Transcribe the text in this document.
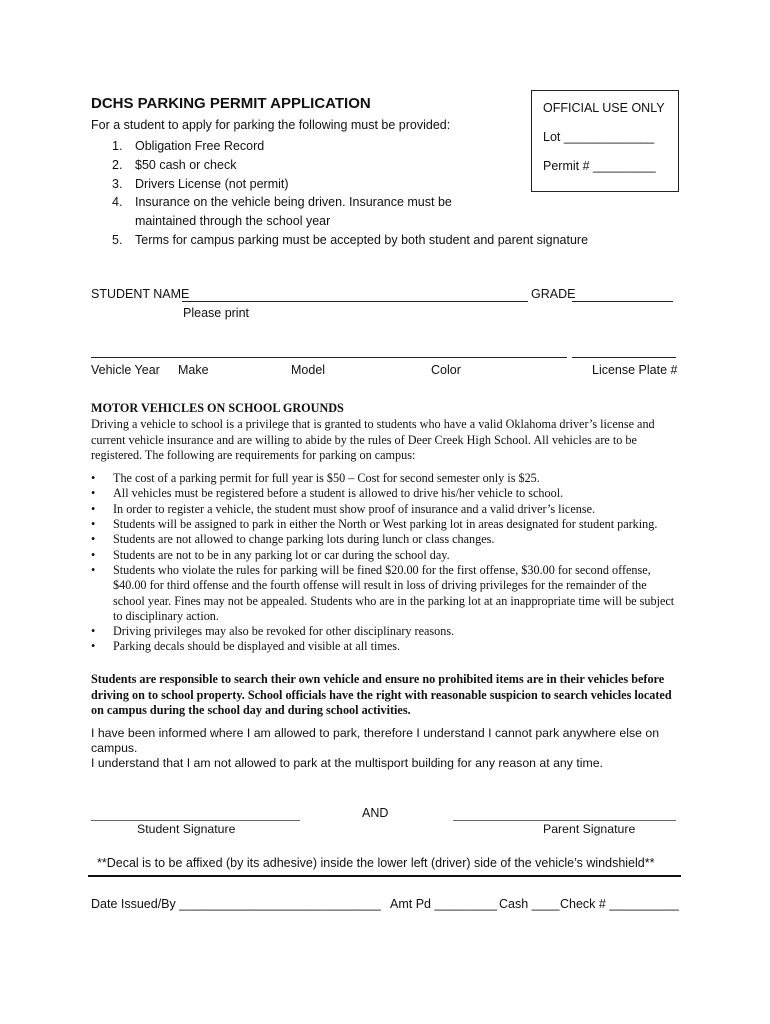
DCHS PARKING PERMIT APPLICATION
For a student to apply for parking the following must be provided:
1. Obligation Free Record
2. $50 cash or check
3. Drivers License (not permit)
4. Insurance on the vehicle being driven. Insurance must be
maintained through the school year
5. Terms for campus parking must be accepted by both student and parent signature
OFFICIAL USE ONLY
Lot _____________
Permit # _________
STUDENT NAME	GRADE
Please print
Vehicle Year Make	Model	Color	License Plate #
MOTOR VEHICLES ON SCHOOL GROUNDS
Driving a vehicle to school is a privilege that is granted to students who have a valid Oklahoma driver’s license and current vehicle insurance and are willing to abide by the rules of Deer Creek High School. All vehicles are to be registered. The following are requirements for parking on campus:
• The cost of a parking permit for full year is $50 – Cost for second semester only is $25.
• All vehicles must be registered before a student is allowed to drive his/her vehicle to school.
• In order to register a vehicle, the student must show proof of insurance and a valid driver’s license.
• Students will be assigned to park in either the North or West parking lot in areas designated for student parking.
• Students are not allowed to change parking lots during lunch or class changes.
• Students are not to be in any parking lot or car during the school day.
• Students who violate the rules for parking will be fined $20.00 for the first offense, $30.00 for second offense, $40.00 for third offense and the fourth offense will result in loss of driving privileges for the remainder of the school year. Fines may not be appealed. Students who are in the parking lot at an inappropriate time will be subject to disciplinary action.
• Driving privileges may also be revoked for other disciplinary reasons.
• Parking decals should be displayed and visible at all times.
Students are responsible to search their own vehicle and ensure no prohibited items are in their vehicles before driving on to school property. School officials have the right with reasonable suspicion to search vehicles located on campus during the school day and during school activities.
I have been informed where I am allowed to park, therefore I understand I cannot park anywhere else on campus.
I understand that I am not allowed to park at the multisport building for any reason at any time.
AND
Student Signature	Parent Signature
**Decal is to be affixed (by its adhesive) inside the lower left (driver) side of the vehicle’s windshield**
Date Issued/By _____________________________ Amt Pd _________ Cash ____ Check # __________
